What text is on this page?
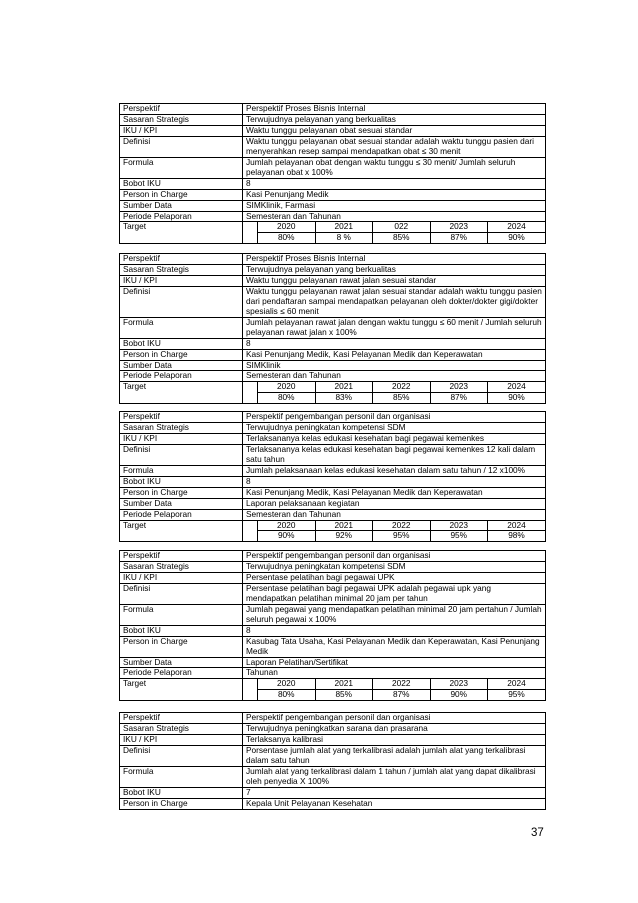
Perspektif	Perspektif Proses Bisnis Internal
Sasaran Strategis	Terwujudnya pelayanan yang berkualitas
IKU / KPI	Waktu tunggu pelayanan obat sesuai standar
Definisi	Waktu tunggu pelayanan obat sesuai standar adalah waktu tunggu pasien dari menyerahkan resep sampai mendapatkan obat ≤ 30 menit
Formula	Jumlah pelayanan obat dengan waktu tunggu ≤ 30 menit/ Jumlah seluruh pelayanan obat x 100%
Bobot IKU	8
Person in Charge	Kasi Penunjang Medik
Sumber Data	SIMKlinik, Farmasi
Periode Pelaporan	Semesteran dan Tahunan
Target		2020	2021	022	2023	2024
80%	8 %	85%	87%	90%
Perspektif	Perspektif Proses Bisnis Internal
Sasaran Strategis	Terwujudnya pelayanan yang berkualitas
IKU / KPI	Waktu tunggu pelayanan rawat jalan sesuai standar
Definisi	Waktu tunggu pelayanan rawat jalan sesuai standar adalah waktu tunggu pasien dari pendaftaran sampai mendapatkan pelayanan oleh dokter/dokter gigi/dokter spesialis ≤ 60 menit
Formula	Jumlah pelayanan rawat jalan dengan waktu tunggu ≤ 60 menit / Jumlah seluruh pelayanan rawat jalan x 100%
Bobot IKU	8
Person in Charge	Kasi Penunjang Medik, Kasi Pelayanan Medik dan Keperawatan
Sumber Data	SIMKlinik
Periode Pelaporan	Semesteran dan Tahunan
Target		2020	2021	2022	2023	2024
80%	83%	85%	87%	90%
Perspektif	Perspektif pengembangan personil dan organisasi
Sasaran Strategis	Terwujudnya peningkatan kompetensi SDM
IKU / KPI	Terlaksananya kelas edukasi kesehatan bagi pegawai kemenkes
Definisi	Terlaksananya kelas edukasi kesehatan bagi pegawai kemenkes 12 kali dalam satu tahun
Formula	Jumlah pelaksanaan kelas edukasi kesehatan dalam satu tahun / 12 x100%
Bobot IKU	8
Person in Charge	Kasi Penunjang Medik, Kasi Pelayanan Medik dan Keperawatan
Sumber Data	Laporan pelaksanaan kegiatan
Periode Pelaporan	Semesteran dan Tahunan
Target		2020	2021	2022	2023	2024
90%	92%	95%	95%	98%
Perspektif	Perspektif pengembangan personil dan organisasi
Sasaran Strategis	Terwujudnya peningkatan kompetensi SDM
IKU / KPI	Persentase pelatihan bagi pegawai UPK
Definisi	Persentase pelatihan bagi pegawai UPK adalah pegawai upk yang mendapatkan pelatihan minimal 20 jam per tahun
Formula	Jumlah pegawai yang mendapatkan pelatihan minimal 20 jam pertahun / Jumlah seluruh pegawai x 100%
Bobot IKU	8
Person in Charge	Kasubag Tata Usaha, Kasi Pelayanan Medik dan Keperawatan, Kasi Penunjang Medik
Sumber Data	Laporan Pelatihan/Sertifikat
Periode Pelaporan	Tahunan
Target		2020	2021	2022	2023	2024
80%	85%	87%	90%	95%
Perspektif	Perspektif pengembangan personil dan organisasi
Sasaran Strategis	Terwujudnya peningkatkan sarana dan prasarana
IKU / KPI	Terlaksanya kalibrasi
Definisi	Porsentase jumlah alat yang terkalibrasi adalah jumlah alat yang terkalibrasi dalam satu tahun
Formula	Jumlah alat yang terkalibrasi dalam 1 tahun / jumlah alat yang dapat dikalibrasi oleh penyedia X 100%
Bobot IKU	7
Person in Charge	Kepala Unit Pelayanan Kesehatan
37
